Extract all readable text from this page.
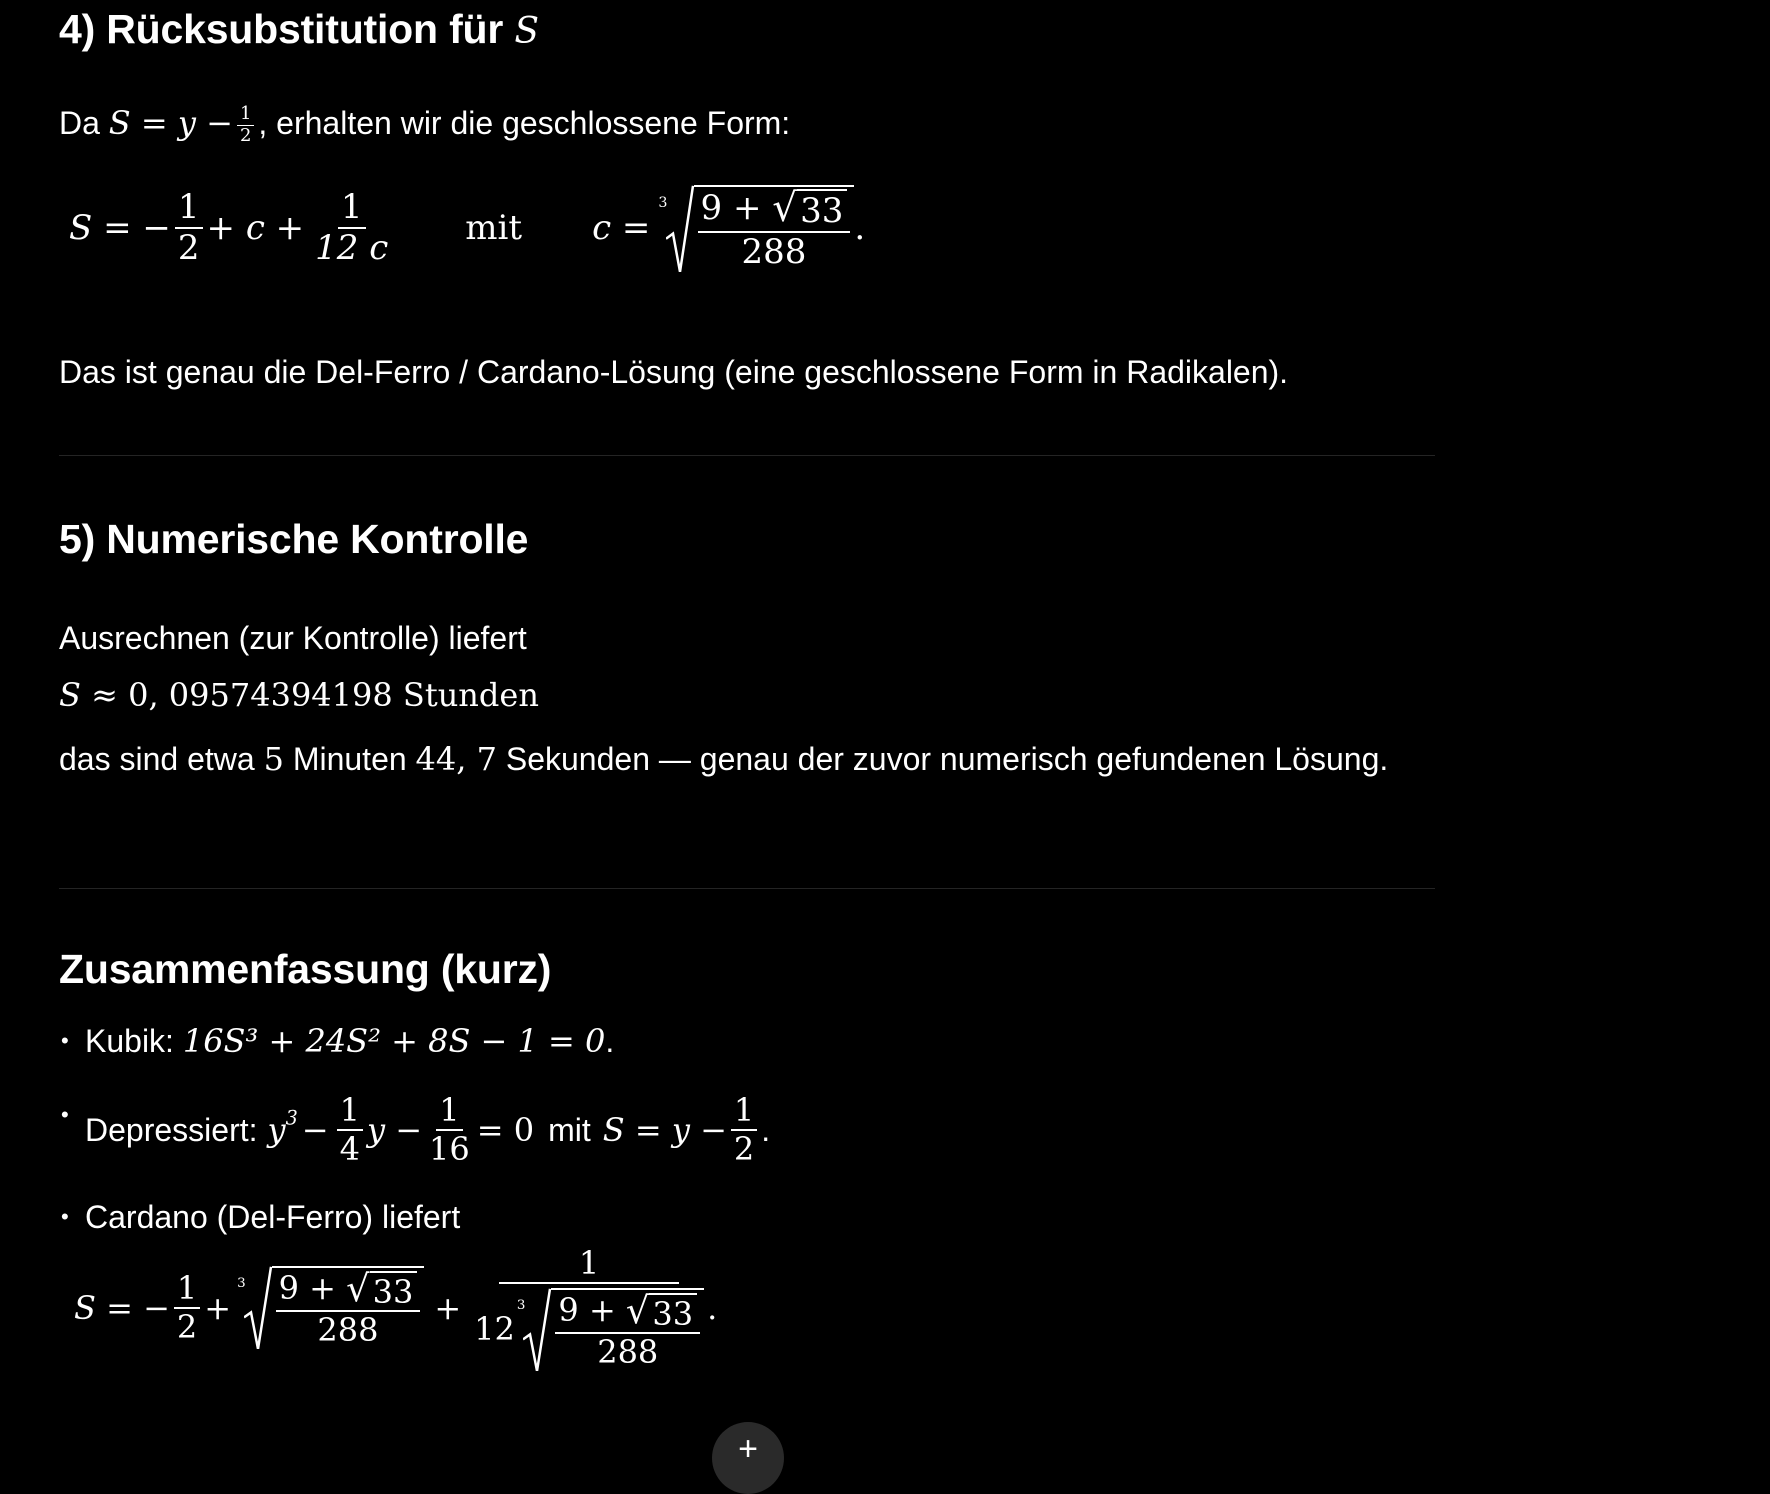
4) Rücksubstitution für S

Da $S = y - \frac{1}{2}$ , erhalten wir die geschlossene Form:

S = − $\frac{1}{2} + c + \frac{1}{12 c}$ mit c =
$3 \frac{9 + √ 33}{288}$ .

Das ist genau die Del-Ferro / Cardano-Lösung (eine geschlossene Form in Radikalen).

5) Numerische Kontrolle

Ausrechnen (zur Kontrolle) liefert

S ≈ 0, 09574394198 Stunden

das sind etwa 5 Minuten 44, 7 Sekunden — genau der zuvor numerisch gefundenen Lösung.

Zusammenfassung (kurz)
• Kubik: 16S³ + 24S² + 8S − 1 = 0.
• Depressiert: $y^3 - \frac{1}{4}$ $y - \frac{1}{16} = 0$ mit $S = y - \frac{1}{2}$ .
• Cardano (Del-Ferro) liefert
S = − $\frac{1}{2}$ +
$3 \frac{9 + √ 33}{288}$ +
1
12
$3 \frac{9 + √ 33}{288}$ .
+
